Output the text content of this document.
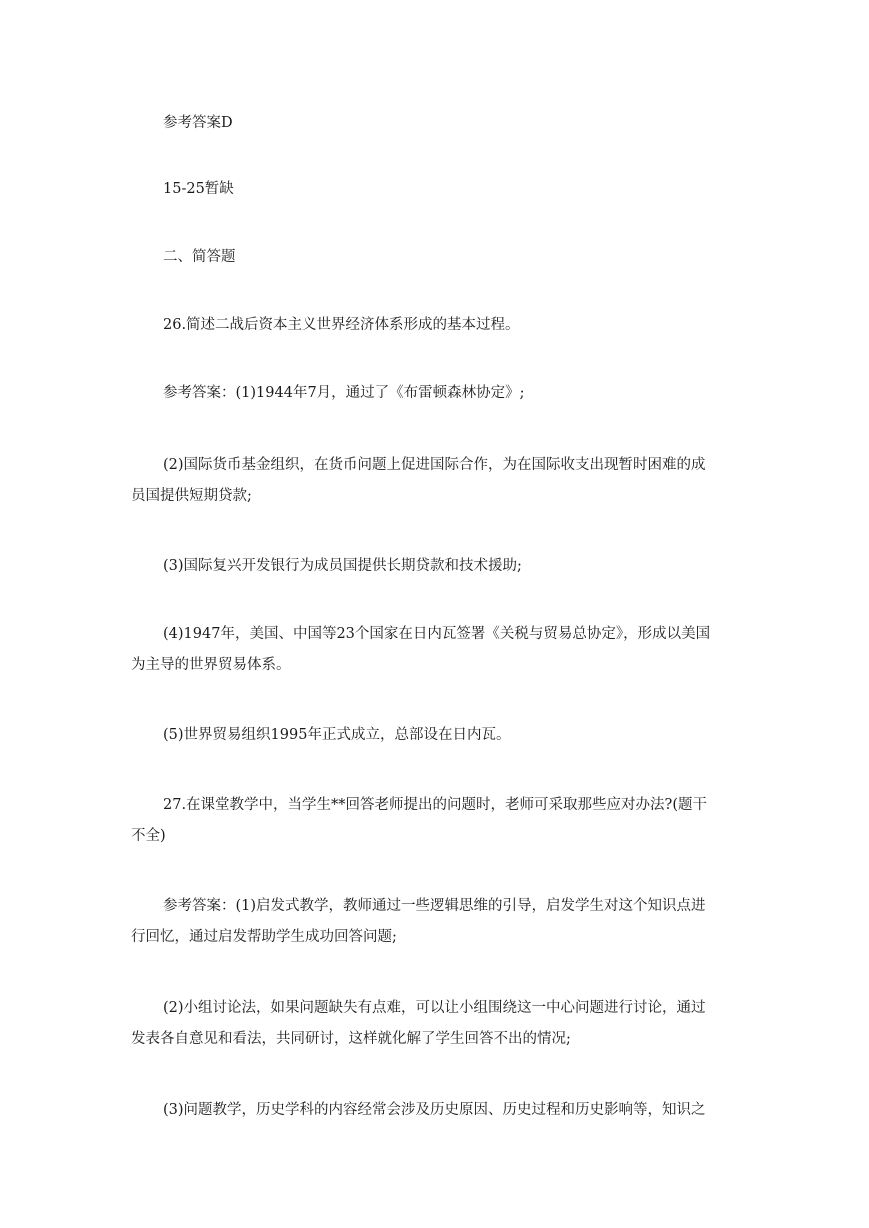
参考答案D
15-25暂缺
二、简答题
26.简述二战后资本主义世界经济体系形成的基本过程。
参考答案：(1)1944年7月，通过了《布雷顿森林协定》;
(2)国际货币基金组织，在货币问题上促进国际合作，为在国际收支出现暂时困难的成
员国提供短期贷款;
(3)国际复兴开发银行为成员国提供长期贷款和技术援助;
(4)1947年，美国、中国等23个国家在日内瓦签署《关税与贸易总协定》，形成以美国
为主导的世界贸易体系。
(5)世界贸易组织1995年正式成立，总部设在日内瓦。
27.在课堂教学中，当学生**回答老师提出的问题时，老师可采取那些应对办法?(题干
不全)
参考答案：(1)启发式教学，教师通过一些逻辑思维的引导，启发学生对这个知识点进
行回忆，通过启发帮助学生成功回答问题;
(2)小组讨论法，如果问题缺失有点难，可以让小组围绕这一中心问题进行讨论，通过
发表各自意见和看法，共同研讨，这样就化解了学生回答不出的情况;
(3)问题教学，历史学科的内容经常会涉及历史原因、历史过程和历史影响等，知识之
